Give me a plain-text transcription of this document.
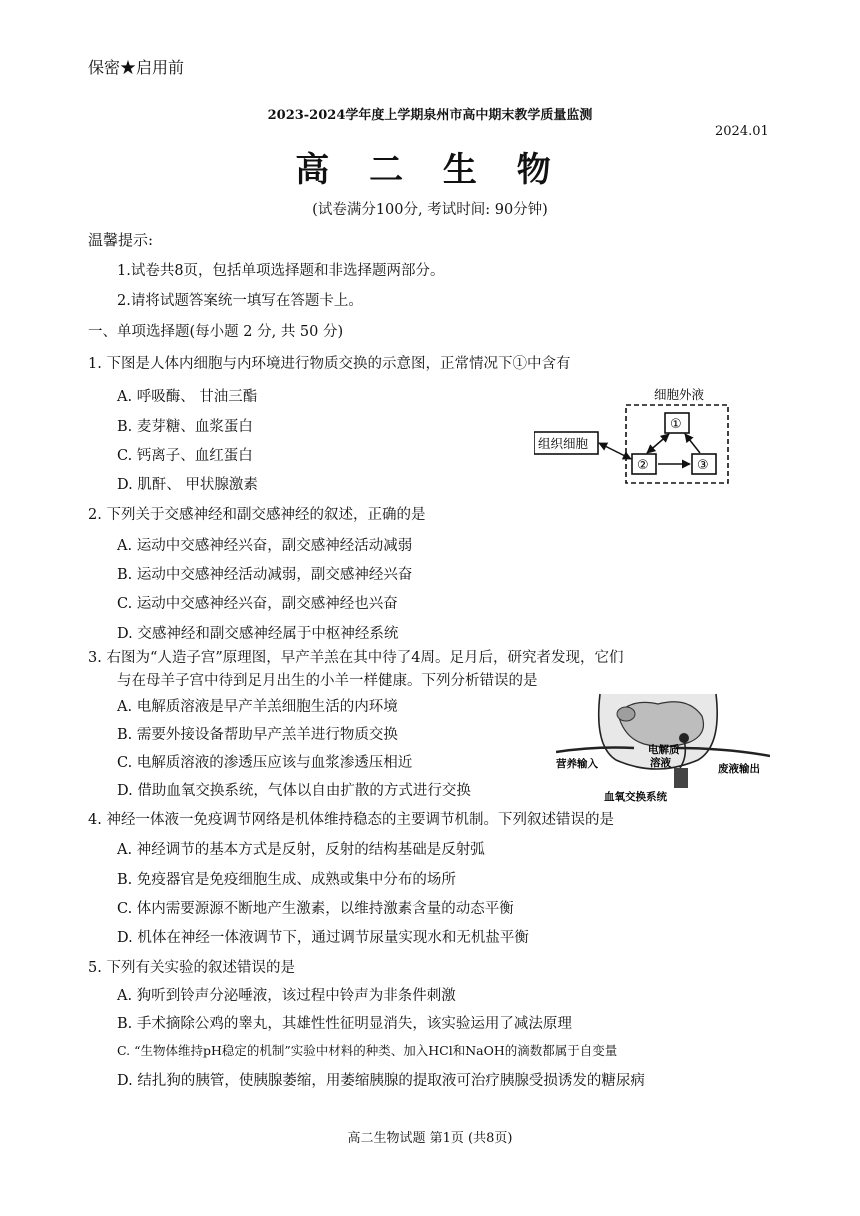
保密★启用前
2023-2024学年度上学期泉州市高中期末教学质量监测
2024.01
高 二 生 物
(试卷满分100分, 考试时间: 90分钟)
温馨提示:
1.试卷共8页，包括单项选择题和非选择题两部分。
2.请将试题答案统一填写在答题卡上。
一、单项选择题(每小题 2 分, 共 50 分)
1. 下图是人体内细胞与内环境进行物质交换的示意图，正常情况下①中含有
A. 呼吸酶、 甘油三酯
B. 麦芽糖、血浆蛋白
C. 钙离子、血红蛋白
D. 肌酐、 甲状腺激素
细胞外液
组织细胞
①
②	③
2. 下列关于交感神经和副交感神经的叙述，正确的是
A. 运动中交感神经兴奋，副交感神经活动减弱
B. 运动中交感神经活动减弱，副交感神经兴奋
C. 运动中交感神经兴奋，副交感神经也兴奋
D. 交感神经和副交感神经属于中枢神经系统
3. 右图为“人造子宫”原理图，早产羊羔在其中待了4周。足月后，研究者发现，它们
与在母羊子宫中待到足月出生的小羊一样健康。下列分析错误的是
A. 电解质溶液是早产羊羔细胞生活的内环境
B. 需要外接设备帮助早产羔羊进行物质交换
C. 电解质溶液的渗透压应该与血浆渗透压相近
D. 借助血氧交换系统，气体以自由扩散的方式进行交换
营养输入
电解质
溶液	废液输出
血氧交换系统
4. 神经一体液一免疫调节网络是机体维持稳态的主要调节机制。下列叙述错误的是
A. 神经调节的基本方式是反射，反射的结构基础是反射弧
B. 免疫器官是免疫细胞生成、成熟或集中分布的场所
C. 体内需要源源不断地产生激素，以维持激素含量的动态平衡
D. 机体在神经一体液调节下，通过调节尿量实现水和无机盐平衡
5. 下列有关实验的叙述错误的是
A. 狗听到铃声分泌唾液，该过程中铃声为非条件刺激
B. 手术摘除公鸡的睾丸，其雄性性征明显消失，该实验运用了减法原理
C. “生物体维持pH稳定的机制”实验中材料的种类、加入HCl和NaOH的滴数都属于自变量
D. 结扎狗的胰管，使胰腺萎缩，用萎缩胰腺的提取液可治疗胰腺受损诱发的糖尿病
高二生物试题 第1页 (共8页)
